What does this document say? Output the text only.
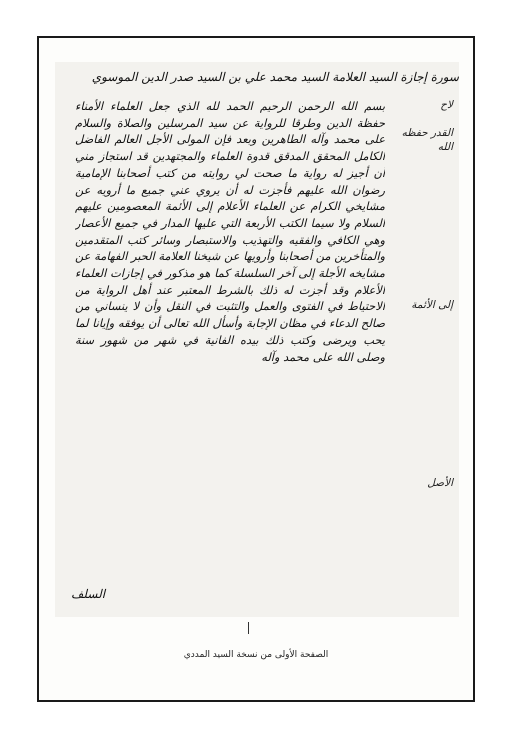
سورة إجازة السيد العلامة السيد محمد علي بن السيد صدر الدين الموسوي
بسم الله الرحمن الرحيم الحمد لله الذي جعل العلماء الأمناء حفظة الدين وطرقا للرواية عن سيد المرسلين والصلاة والسلام على محمد وآله الطاهرين وبعد فإن المولى الأجل العالم الفاضل الكامل المحقق المدقق قدوة العلماء والمجتهدين قد استجاز مني أن أجيز له رواية ما صحت لي روايته من كتب أصحابنا الإمامية رضوان الله عليهم فأجزت له أن يروي عني جميع ما أرويه عن مشايخي الكرام عن العلماء الأعلام إلى الأئمة المعصومين عليهم السلام ولا سيما الكتب الأربعة التي عليها المدار في جميع الأعصار وهي الكافي والفقيه والتهذيب والاستبصار وسائر كتب المتقدمين والمتأخرين من أصحابنا وأرويها عن شيخنا العلامة الحبر الفهامة عن مشايخه الأجلة إلى آخر السلسلة كما هو مذكور في إجازات العلماء الأعلام وقد أجزت له ذلك بالشرط المعتبر عند أهل الرواية من الاحتياط في الفتوى والعمل والتثبت في النقل وأن لا ينساني من صالح الدعاء في مظان الإجابة وأسأل الله تعالى أن يوفقه وإيانا لما يحب ويرضى وكتب ذلك بيده الفانية في شهر من شهور سنة وصلى الله على محمد وآله
لاح
القدر حفظه الله
إلى الأئمة
الأصل
السلف
الصفحة الأولى من نسخة السيد المددي
